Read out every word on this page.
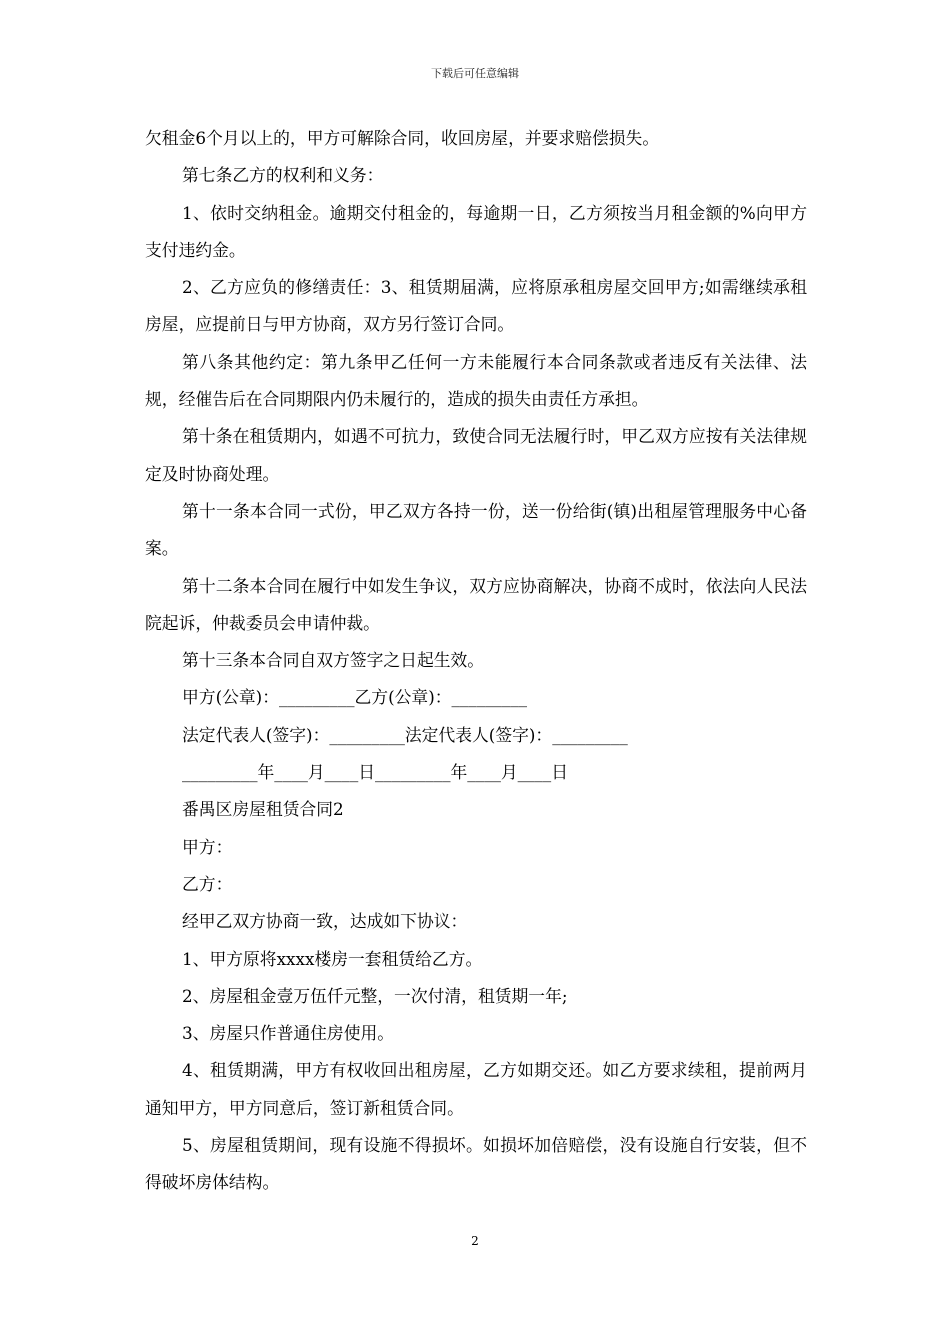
下载后可任意编辑

欠租金6个月以上的，甲方可解除合同，收回房屋，并要求赔偿损失。

第七条乙方的权利和义务：

1、依时交纳租金。逾期交付租金的，每逾期一日，乙方须按当月租金额的%向甲方支付违约金。

2、乙方应负的修缮责任：3、租赁期届满，应将原承租房屋交回甲方;如需继续承租房屋，应提前日与甲方协商，双方另行签订合同。

第八条其他约定：第九条甲乙任何一方未能履行本合同条款或者违反有关法律、法规，经催告后在合同期限内仍未履行的，造成的损失由责任方承担。

第十条在租赁期内，如遇不可抗力，致使合同无法履行时，甲乙双方应按有关法律规定及时协商处理。

第十一条本合同一式份，甲乙双方各持一份，送一份给街(镇)出租屋管理服务中心备案。

第十二条本合同在履行中如发生争议，双方应协商解决，协商不成时，依法向人民法院起诉，仲裁委员会申请仲裁。

第十三条本合同自双方签字之日起生效。

甲方(公章)：_________乙方(公章)：_________

法定代表人(签字)：_________法定代表人(签字)：_________

_________年____月____日_________年____月____日

番禺区房屋租赁合同2

甲方：

乙方：

经甲乙双方协商一致，达成如下协议：

1、甲方原将xxxx楼房一套租赁给乙方。

2、房屋租金壹万伍仟元整，一次付清，租赁期一年;

3、房屋只作普通住房使用。

4、租赁期满，甲方有权收回出租房屋，乙方如期交还。如乙方要求续租，提前两月通知甲方，甲方同意后，签订新租赁合同。

5、房屋租赁期间，现有设施不得损坏。如损坏加倍赔偿，没有设施自行安装，但不得破坏房体结构。

2
